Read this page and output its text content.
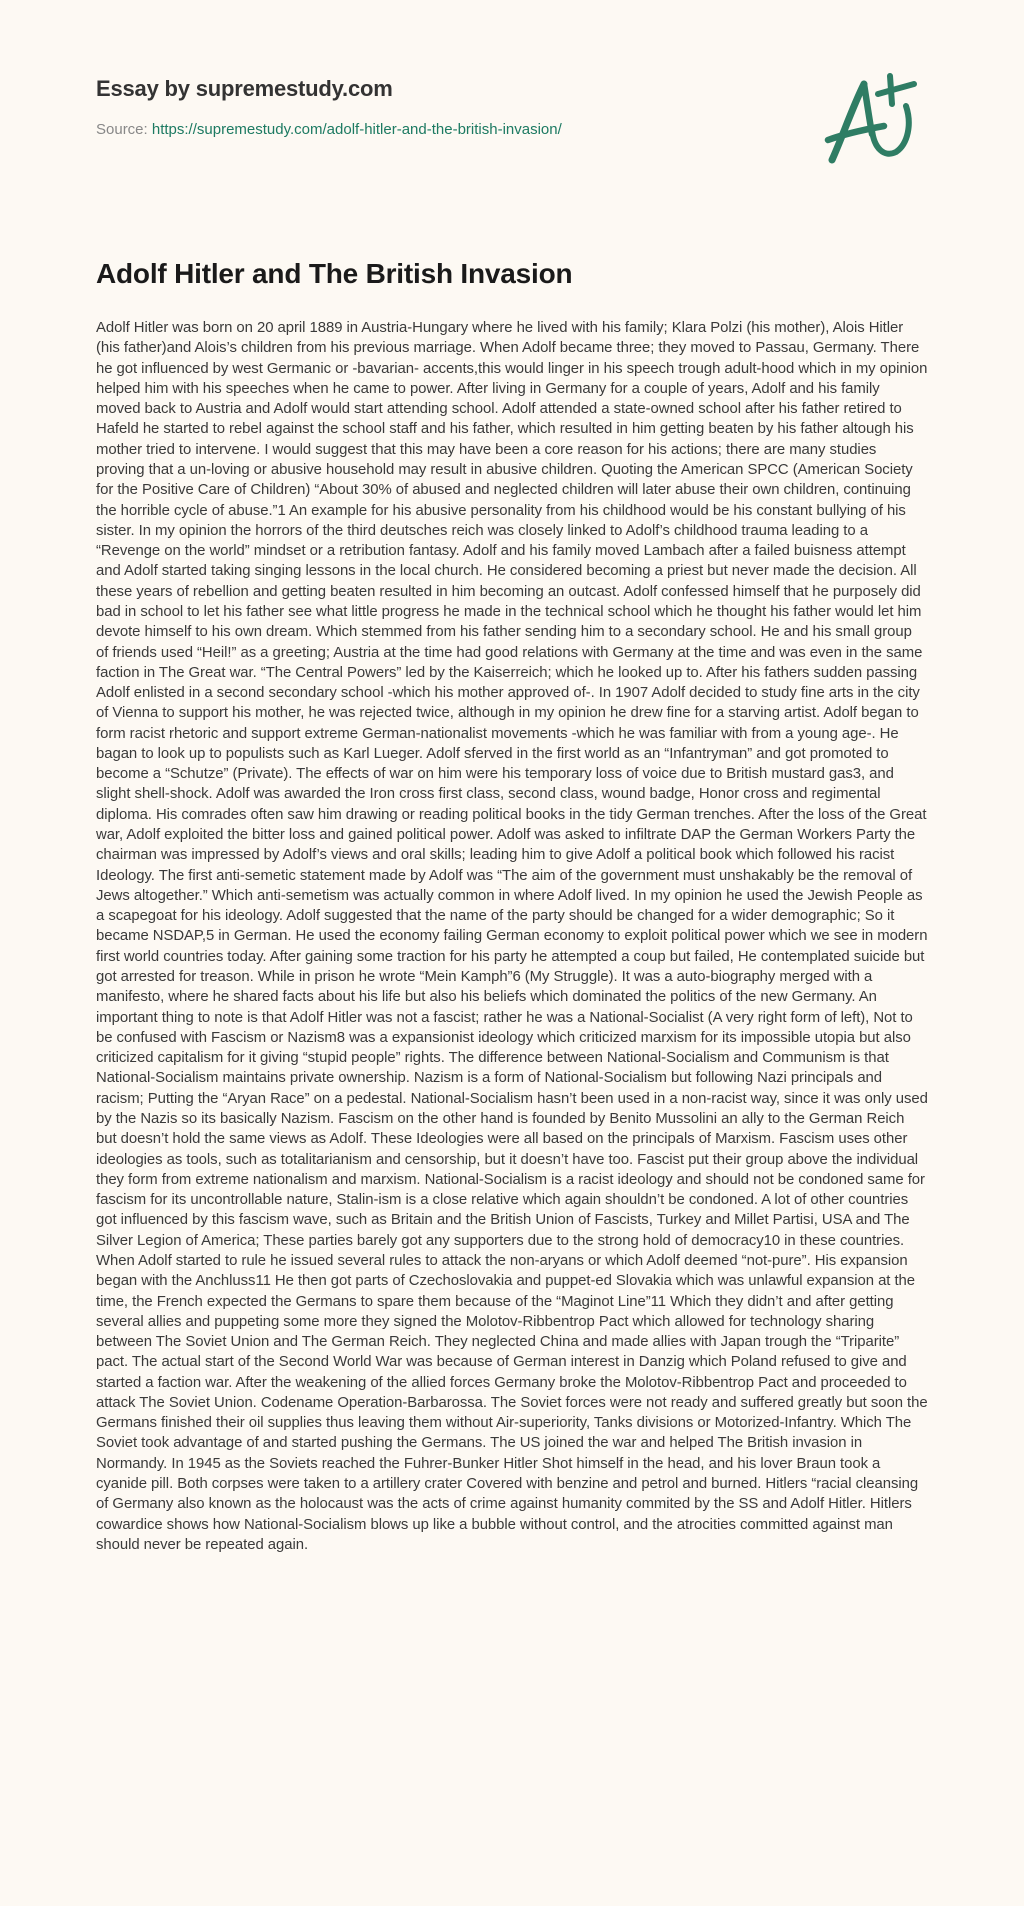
Essay by supremestudy.com
Source: https://supremestudy.com/adolf-hitler-and-the-british-invasion/
Adolf Hitler and The British Invasion

Adolf Hitler was born on 20 april 1889 in Austria-Hungary where he lived with his family; Klara Polzi (his mother), Alois Hitler (his father)and Alois’s children from his previous marriage. When Adolf became three; they moved to Passau, Germany. There he got influenced by west Germanic or -bavarian- accents,this would linger in his speech trough adult-hood which in my opinion helped him with his speeches when he came to power. After living in Germany for a couple of years, Adolf and his family moved back to Austria and Adolf would start attending school. Adolf attended a state-owned school after his father retired to Hafeld he started to rebel against the school staff and his father, which resulted in him getting beaten by his father altough his mother tried to intervene. I would suggest that this may have been a core reason for his actions; there are many studies proving that a un-loving or abusive household may result in abusive children. Quoting the American SPCC (American Society for the Positive Care of Children) “About 30% of abused and neglected children will later abuse their own children, continuing the horrible cycle of abuse.”1 An example for his abusive personality from his childhood would be his constant bullying of his sister. In my opinion the horrors of the third deutsches reich was closely linked to Adolf’s childhood trauma leading to a “Revenge on the world” mindset or a retribution fantasy. Adolf and his family moved Lambach after a failed buisness attempt and Adolf started taking singing lessons in the local church. He considered becoming a priest but never made the decision. All these years of rebellion and getting beaten resulted in him becoming an outcast. Adolf confessed himself that he purposely did bad in school to let his father see what little progress he made in the technical school which he thought his father would let him devote himself to his own dream. Which stemmed from his father sending him to a secondary school. He and his small group of friends used “Heil!” as a greeting; Austria at the time had good relations with Germany at the time and was even in the same faction in The Great war. “The Central Powers” led by the Kaiserreich; which he looked up to. After his fathers sudden passing Adolf enlisted in a second secondary school -which his mother approved of-. In 1907 Adolf decided to study fine arts in the city of Vienna to support his mother, he was rejected twice, although in my opinion he drew fine for a starving artist. Adolf began to form racist rhetoric and support extreme German-nationalist movements -which he was familiar with from a young age-. He bagan to look up to populists such as Karl Lueger. Adolf sferved in the first world as an “Infantryman” and got promoted to become a “Schutze” (Private). The effects of war on him were his temporary loss of voice due to British mustard gas3, and slight shell-shock. Adolf was awarded the Iron cross first class, second class, wound badge, Honor cross and regimental diploma. His comrades often saw him drawing or reading political books in the tidy German trenches. After the loss of the Great war, Adolf exploited the bitter loss and gained political power. Adolf was asked to infiltrate DAP the German Workers Party the chairman was impressed by Adolf’s views and oral skills; leading him to give Adolf a political book which followed his racist Ideology. The first anti-semetic statement made by Adolf was “The aim of the government must unshakably be the removal of Jews altogether.” Which anti-semetism was actually common in where Adolf lived. In my opinion he used the Jewish People as a scapegoat for his ideology. Adolf suggested that the name of the party should be changed for a wider demographic; So it became NSDAP,5 in German. He used the economy failing German economy to exploit political power which we see in modern first world countries today. After gaining some traction for his party he attempted a coup but failed, He contemplated suicide but got arrested for treason. While in prison he wrote “Mein Kamph”6 (My Struggle). It was a auto-biography merged with a manifesto, where he shared facts about his life but also his beliefs which dominated the politics of the new Germany. An important thing to note is that Adolf Hitler was not a fascist; rather he was a National-Socialist (A very right form of left), Not to be confused with Fascism or Nazism8 was a expansionist ideology which criticized marxism for its impossible utopia but also criticized capitalism for it giving “stupid people” rights. The difference between National-Socialism and Communism is that National-Socialism maintains private ownership. Nazism is a form of National-Socialism but following Nazi principals and racism; Putting the “Aryan Race” on a pedestal. National-Socialism hasn’t been used in a non-racist way, since it was only used by the Nazis so its basically Nazism. Fascism on the other hand is founded by Benito Mussolini an ally to the German Reich but doesn’t hold the same views as Adolf. These Ideologies were all based on the principals of Marxism. Fascism uses other ideologies as tools, such as totalitarianism and censorship, but it doesn’t have too. Fascist put their group above the individual they form from extreme nationalism and marxism. National-Socialism is a racist ideology and should not be condoned same for fascism for its uncontrollable nature, Stalin-ism is a close relative which again shouldn’t be condoned. A lot of other countries got influenced by this fascism wave, such as Britain and the British Union of Fascists, Turkey and Millet Partisi, USA and The Silver Legion of America; These parties barely got any supporters due to the strong hold of democracy10 in these countries. When Adolf started to rule he issued several rules to attack the non-aryans or which Adolf deemed “not-pure”. His expansion began with the Anchluss11 He then got parts of Czechoslovakia and puppet-ed Slovakia which was unlawful expansion at the time, the French expected the Germans to spare them because of the “Maginot Line”11 Which they didn’t and after getting several allies and puppeting some more they signed the Molotov-Ribbentrop Pact which allowed for technology sharing between The Soviet Union and The German Reich. They neglected China and made allies with Japan trough the “Triparite” pact. The actual start of the Second World War was because of German interest in Danzig which Poland refused to give and started a faction war. After the weakening of the allied forces Germany broke the Molotov-Ribbentrop Pact and proceeded to attack The Soviet Union. Codename Operation-Barbarossa. The Soviet forces were not ready and suffered greatly but soon the Germans finished their oil supplies thus leaving them without Air-superiority, Tanks divisions or Motorized-Infantry. Which The Soviet took advantage of and started pushing the Germans. The US joined the war and helped The British invasion in Normandy. In 1945 as the Soviets reached the Fuhrer-Bunker Hitler Shot himself in the head, and his lover Braun took a cyanide pill. Both corpses were taken to a artillery crater Covered with benzine and petrol and burned. Hitlers “racial cleansing of Germany also known as the holocaust was the acts of crime against humanity commited by the SS and Adolf Hitler. Hitlers cowardice shows how National-Socialism blows up like a bubble without control, and the atrocities committed against man should never be repeated again.
